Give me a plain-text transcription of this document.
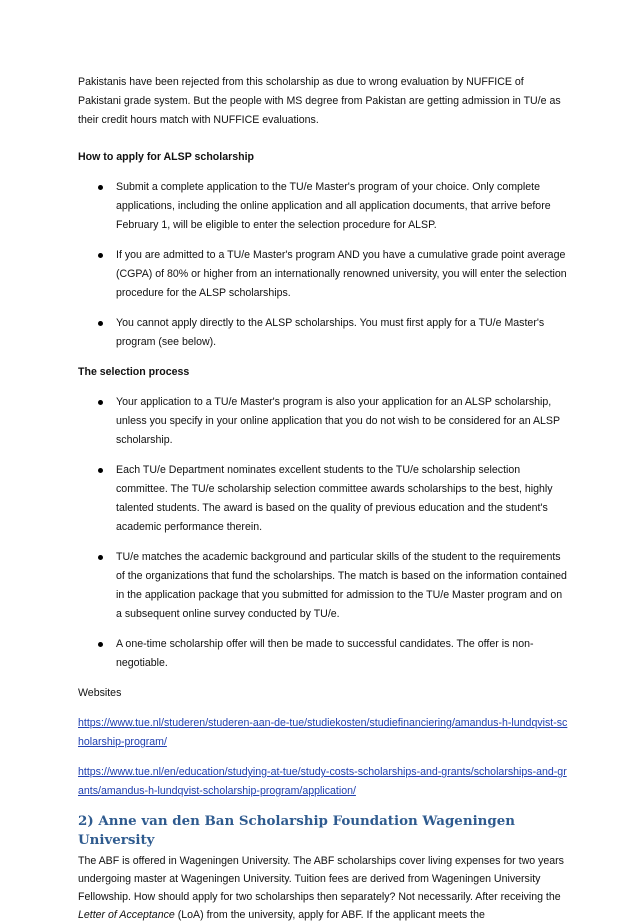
Pakistanis have been rejected from this scholarship as due to wrong evaluation by NUFFICE of Pakistani grade system. But the people with MS degree from Pakistan are getting admission in TU/e as their credit hours match with NUFFICE evaluations.

How to apply for ALSP scholarship

Submit a complete application to the TU/e Master's program of your choice. Only complete applications, including the online application and all application documents, that arrive before February 1, will be eligible to enter the selection procedure for ALSP.
If you are admitted to a TU/e Master's program AND you have a cumulative grade point average (CGPA) of 80% or higher from an internationally renowned university, you will enter the selection procedure for the ALSP scholarships.
You cannot apply directly to the ALSP scholarships. You must first apply for a TU/e Master's program (see below).

The selection process

Your application to a TU/e Master's program is also your application for an ALSP scholarship, unless you specify in your online application that you do not wish to be considered for an ALSP scholarship.
Each TU/e Department nominates excellent students to the TU/e scholarship selection committee. The TU/e scholarship selection committee awards scholarships to the best, highly talented students. The award is based on the quality of previous education and the student's academic performance therein.
TU/e matches the academic background and particular skills of the student to the requirements of the organizations that fund the scholarships. The match is based on the information contained in the application package that you submitted for admission to the TU/e Master program and on a subsequent online survey conducted by TU/e.
A one-time scholarship offer will then be made to successful candidates. The offer is non-negotiable.

Websites

https://www.tue.nl/studeren/studeren-aan-de-tue/studiekosten/studiefinanciering/amandus-h-lundqvist-scholarship-program/
https://www.tue.nl/en/education/studying-at-tue/study-costs-scholarships-and-grants/scholarships-and-grants/amandus-h-lundqvist-scholarship-program/application/
2) Anne van den Ban Scholarship Foundation Wageningen University

The ABF is offered in Wageningen University. The ABF scholarships cover living expenses for two years undergoing master at Wageningen University. Tuition fees are derived from Wageningen University Fellowship. How should apply for two scholarships then separately? Not necessarily. After receiving the Letter of Acceptance (LoA) from the university, apply for ABF. If the applicant meets the
